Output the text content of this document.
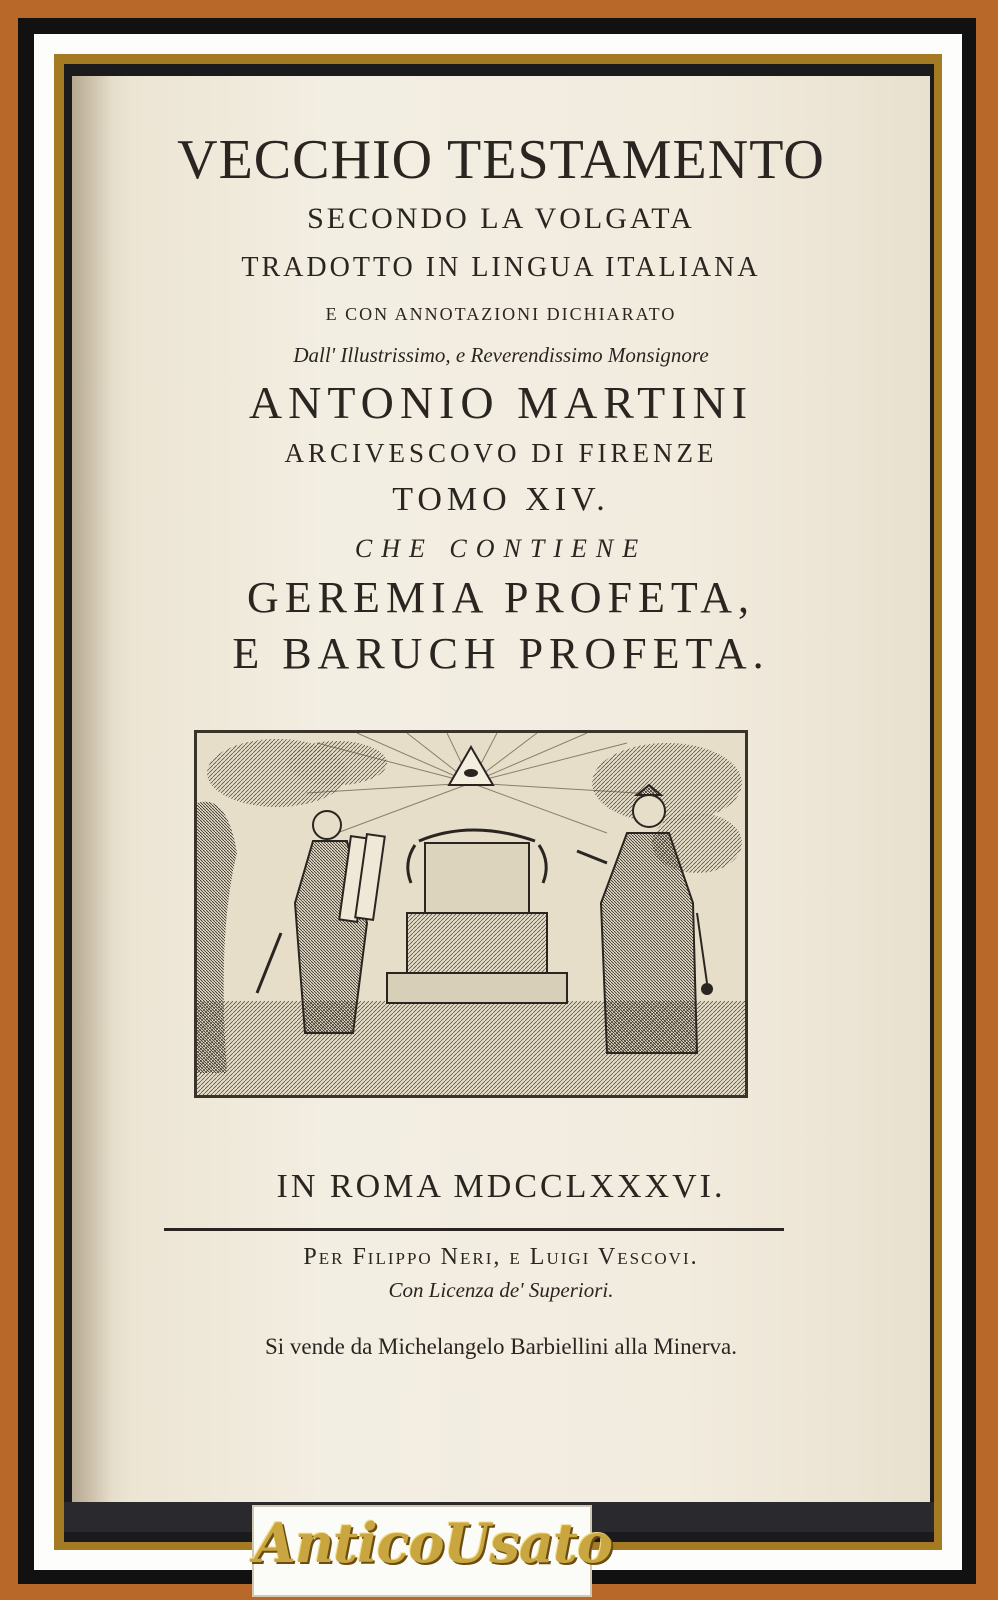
VECCHIO TESTAMENTO
SECONDO LA VOLGATA
TRADOTTO IN LINGUA ITALIANA
E CON ANNOTAZIONI DICHIARATO
Dall' Illustrissimo, e Reverendissimo Monsignore
ANTONIO MARTINI
ARCIVESCOVO DI FIRENZE
TOMO XIV.
CHE CONTIENE
GEREMIA PROFETA,
E BARUCH PROFETA.
IN ROMA MDCCLXXXVI.
Per Filippo Neri, e Luigi Vescovi.
Con Licenza de' Superiori.
Si vende da Michelangelo Barbiellini alla Minerva.
AnticoUsato
